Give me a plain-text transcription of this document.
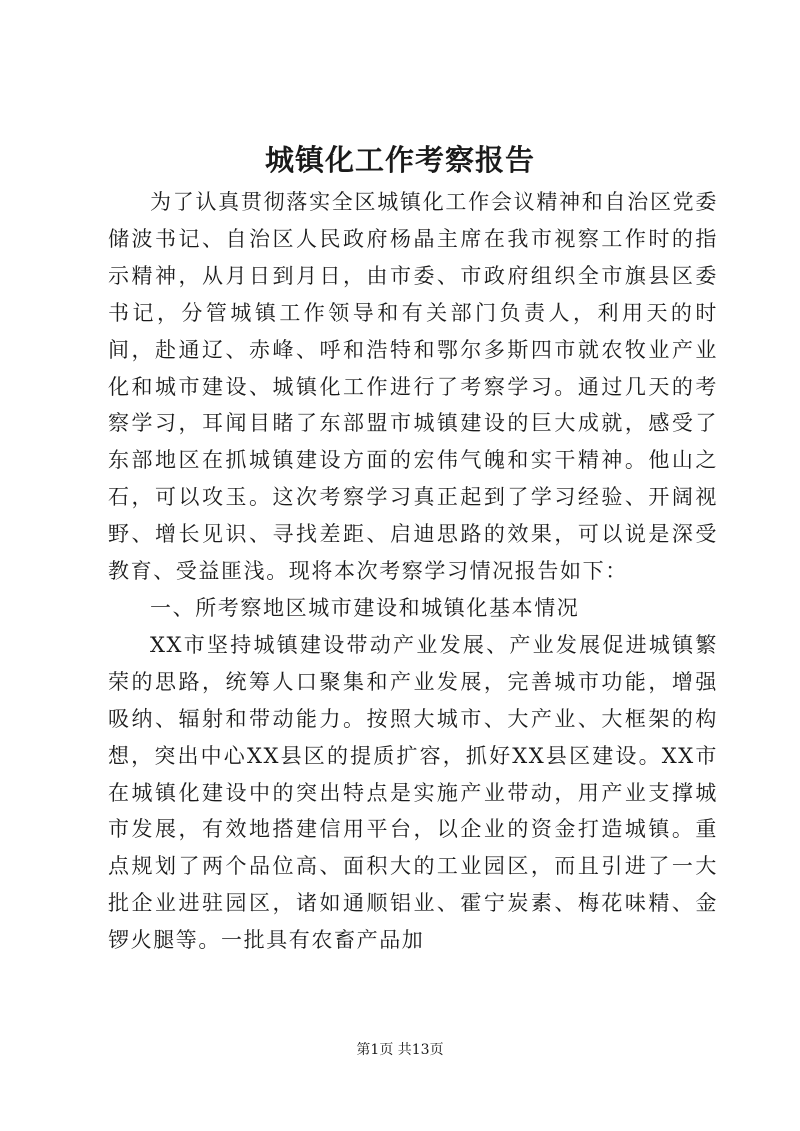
城镇化工作考察报告

为了认真贯彻落实全区城镇化工作会议精神和自治区党委储波书记、自治区人民政府杨晶主席在我市视察工作时的指示精神，从月日到月日，由市委、市政府组织全市旗县区委书记，分管城镇工作领导和有关部门负责人，利用天的时间，赴通辽、赤峰、呼和浩特和鄂尔多斯四市就农牧业产业化和城市建设、城镇化工作进行了考察学习。通过几天的考察学习，耳闻目睹了东部盟市城镇建设的巨大成就，感受了东部地区在抓城镇建设方面的宏伟气魄和实干精神。他山之石，可以攻玉。这次考察学习真正起到了学习经验、开阔视野、增长见识、寻找差距、启迪思路的效果，可以说是深受教育、受益匪浅。现将本次考察学习情况报告如下：

一、所考察地区城市建设和城镇化基本情况

XX市坚持城镇建设带动产业发展、产业发展促进城镇繁荣的思路，统筹人口聚集和产业发展，完善城市功能，增强吸纳、辐射和带动能力。按照大城市、大产业、大框架的构想，突出中心XX县区的提质扩容，抓好XX县区建设。XX市在城镇化建设中的突出特点是实施产业带动，用产业支撑城市发展，有效地搭建信用平台，以企业的资金打造城镇。重点规划了两个品位高、面积大的工业园区，而且引进了一大批企业进驻园区，诸如通顺铝业、霍宁炭素、梅花味精、金锣火腿等。一批具有农畜产品加

第1页 共13页
